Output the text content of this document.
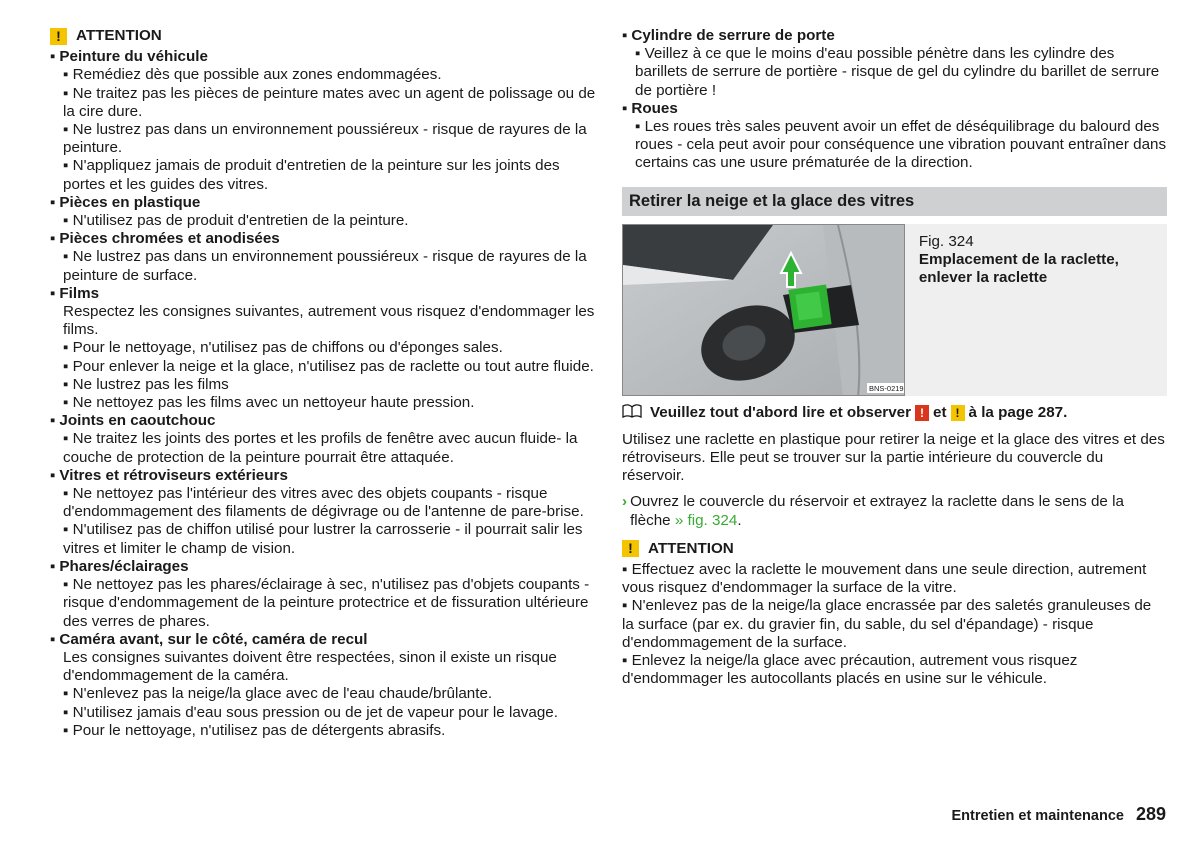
! ATTENTION
▪ Peinture du véhicule
▪ Remédiez dès que possible aux zones endommagées.
▪ Ne traitez pas les pièces de peinture mates avec un agent de polissage ou de la cire dure.
▪ Ne lustrez pas dans un environnement poussiéreux - risque de rayures de la peinture.
▪ N'appliquez jamais de produit d'entretien de la peinture sur les joints des portes et les guides des vitres.
▪ Pièces en plastique
▪ N'utilisez pas de produit d'entretien de la peinture.
▪ Pièces chromées et anodisées
▪ Ne lustrez pas dans un environnement poussiéreux - risque de rayures de la peinture de surface.
▪ Films
Respectez les consignes suivantes, autrement vous risquez d'endommager les films.
▪ Pour le nettoyage, n'utilisez pas de chiffons ou d'éponges sales.
▪ Pour enlever la neige et la glace, n'utilisez pas de raclette ou tout autre fluide.
▪ Ne lustrez pas les films
▪ Ne nettoyez pas les films avec un nettoyeur haute pression.
▪ Joints en caoutchouc
▪ Ne traitez les joints des portes et les profils de fenêtre avec aucun fluide- la couche de protection de la peinture pourrait être attaquée.
▪ Vitres et rétroviseurs extérieurs
▪ Ne nettoyez pas l'intérieur des vitres avec des objets coupants - risque d'endommagement des filaments de dégivrage ou de l'antenne de pare-brise.
▪ N'utilisez pas de chiffon utilisé pour lustrer la carrosserie - il pourrait salir les vitres et limiter le champ de vision.
▪ Phares/éclairages
▪ Ne nettoyez pas les phares/éclairage à sec, n'utilisez pas d'objets coupants - risque d'endommagement de la peinture protectrice et de fissuration ultérieure des verres de phares.
▪ Caméra avant, sur le côté, caméra de recul
Les consignes suivantes doivent être respectées, sinon il existe un risque d'endommagement de la caméra.
▪ N'enlevez pas la neige/la glace avec de l'eau chaude/brûlante.
▪ N'utilisez jamais d'eau sous pression ou de jet de vapeur pour le lavage.
▪ Pour le nettoyage, n'utilisez pas de détergents abrasifs.
▪ Cylindre de serrure de porte
▪ Veillez à ce que le moins d'eau possible pénètre dans les cylindre des barillets de serrure de portière - risque de gel du cylindre du barillet de serrure de portière !
▪ Roues
▪ Les roues très sales peuvent avoir un effet de déséquilibrage du balourd des roues - cela peut avoir pour conséquence une vibration pouvant entraîner dans certains cas une usure prématurée de la direction.
Retirer la neige et la glace des vitres
BNS-0219
Fig. 324
Emplacement de la raclette, enlever la raclette
Veuillez tout d'abord lire et observer ! et ! à la page 287.
Utilisez une raclette en plastique pour retirer la neige et la glace des vitres et des rétroviseurs. Elle peut se trouver sur la partie intérieure du couvercle du réservoir.
› Ouvrez le couvercle du réservoir et extrayez la raclette dans le sens de la flèche » fig. 324.
! ATTENTION
▪ Effectuez avec la raclette le mouvement dans une seule direction, autrement vous risquez d'endommager la surface de la vitre.
▪ N'enlevez pas de la neige/la glace encrassée par des saletés granuleuses de la surface (par ex. du gravier fin, du sable, du sel d'épandage) - risque d'endommagement de la surface.
▪ Enlevez la neige/la glace avec précaution, autrement vous risquez d'endommager les autocollants placés en usine sur le véhicule.
Entretien et maintenance 289
